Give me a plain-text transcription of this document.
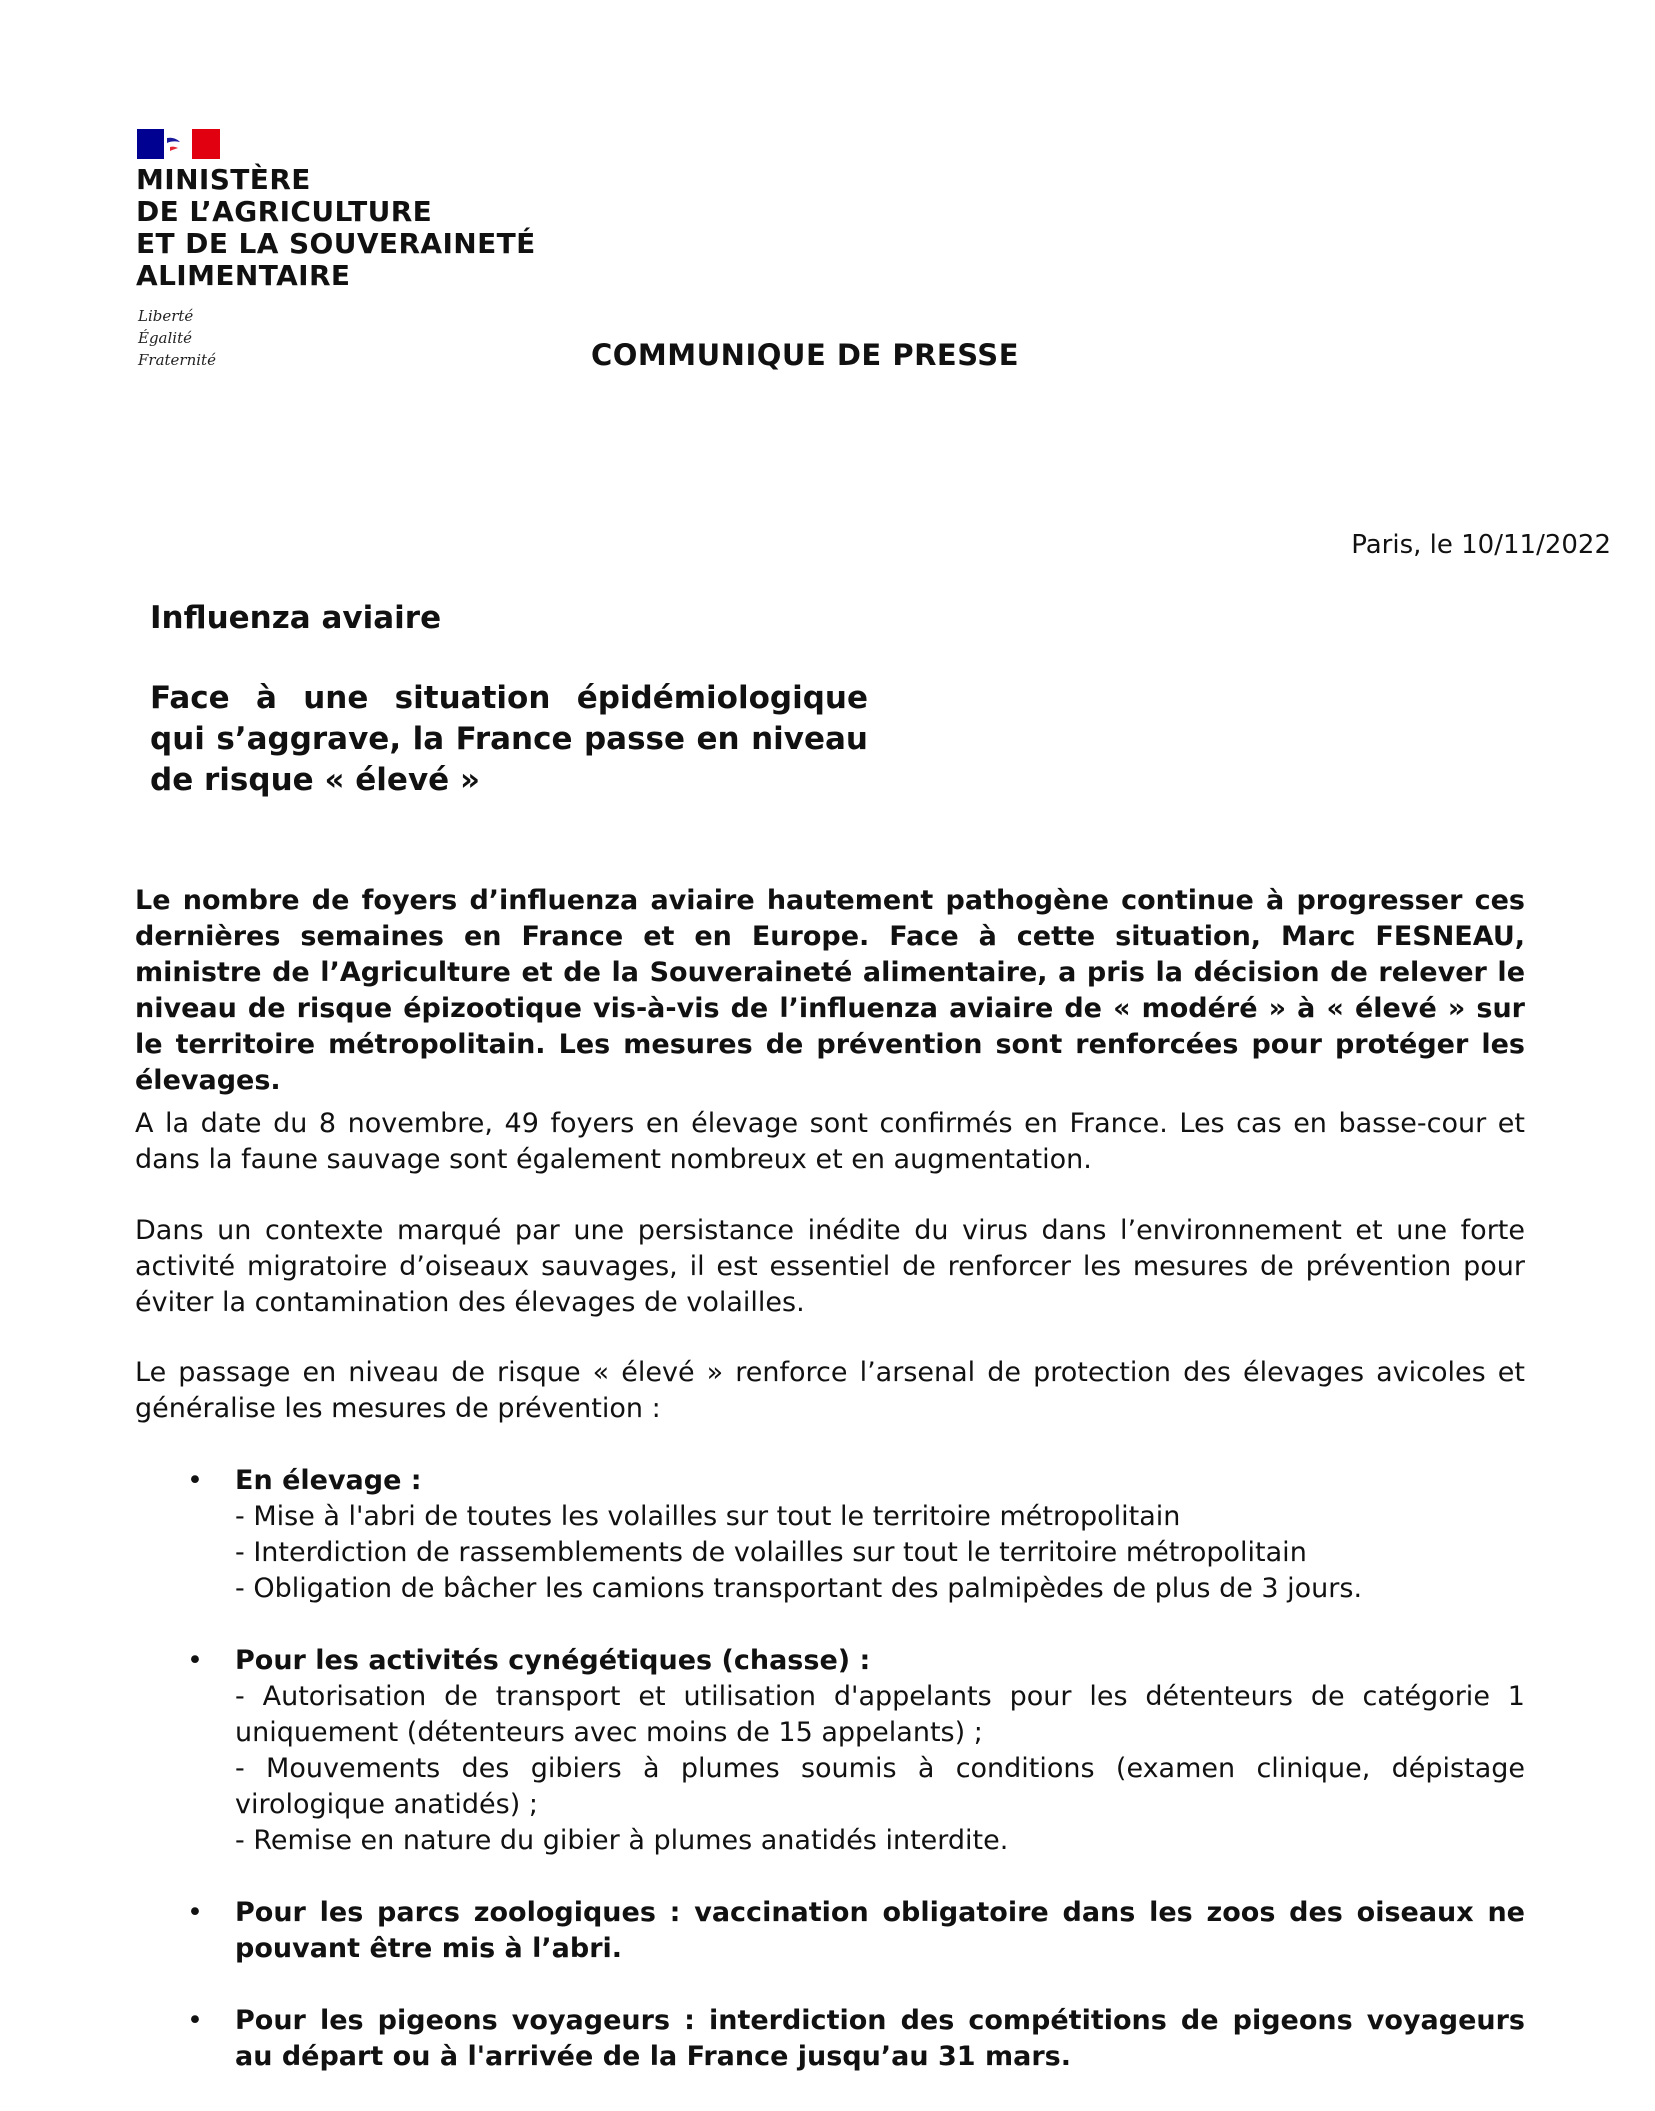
MINISTÈRE
DE L’AGRICULTURE
ET DE LA SOUVERAINETÉ
ALIMENTAIRE
Liberté
Égalité
Fraternité	COMMUNIQUE DE PRESSE

Paris, le 10/11/2022

Influenza aviaire
Face à une situation épidémiologique qui s’aggrave, la France passe en niveau de risque « élevé »

Le nombre de foyers d’influenza aviaire hautement pathogène continue à progresser ces dernières semaines en France et en Europe. Face à cette situation, Marc FESNEAU, ministre de l’Agriculture et de la Souveraineté alimentaire, a pris la décision de relever le niveau de risque épizootique vis-à-vis de l’influenza aviaire de « modéré » à « élevé » sur le territoire métropolitain. Les mesures de prévention sont renforcées pour protéger les élevages.

A la date du 8 novembre, 49 foyers en élevage sont confirmés en France. Les cas en basse-cour et dans la faune sauvage sont également nombreux et en augmentation.

Dans un contexte marqué par une persistance inédite du virus dans l’environnement et une forte activité migratoire d’oiseaux sauvages, il est essentiel de renforcer les mesures de prévention pour éviter la contamination des élevages de volailles.

Le passage en niveau de risque « élevé » renforce l’arsenal de protection des élevages avicoles et généralise les mesures de prévention :

• En élevage :
- Mise à l'abri de toutes les volailles sur tout le territoire métropolitain
- Interdiction de rassemblements de volailles sur tout le territoire métropolitain
- Obligation de bâcher les camions transportant des palmipèdes de plus de 3 jours.
• Pour les activités cynégétiques (chasse) :
- Autorisation de transport et utilisation d'appelants pour les détenteurs de catégorie 1 uniquement (détenteurs avec moins de 15 appelants) ;
- Mouvements des gibiers à plumes soumis à conditions (examen clinique, dépistage virologique anatidés) ;
- Remise en nature du gibier à plumes anatidés interdite.
• Pour les parcs zoologiques : vaccination obligatoire dans les zoos des oiseaux ne pouvant être mis à l’abri.
• Pour les pigeons voyageurs : interdiction des compétitions de pigeons voyageurs au départ ou à l'arrivée de la France jusqu’au 31 mars.
